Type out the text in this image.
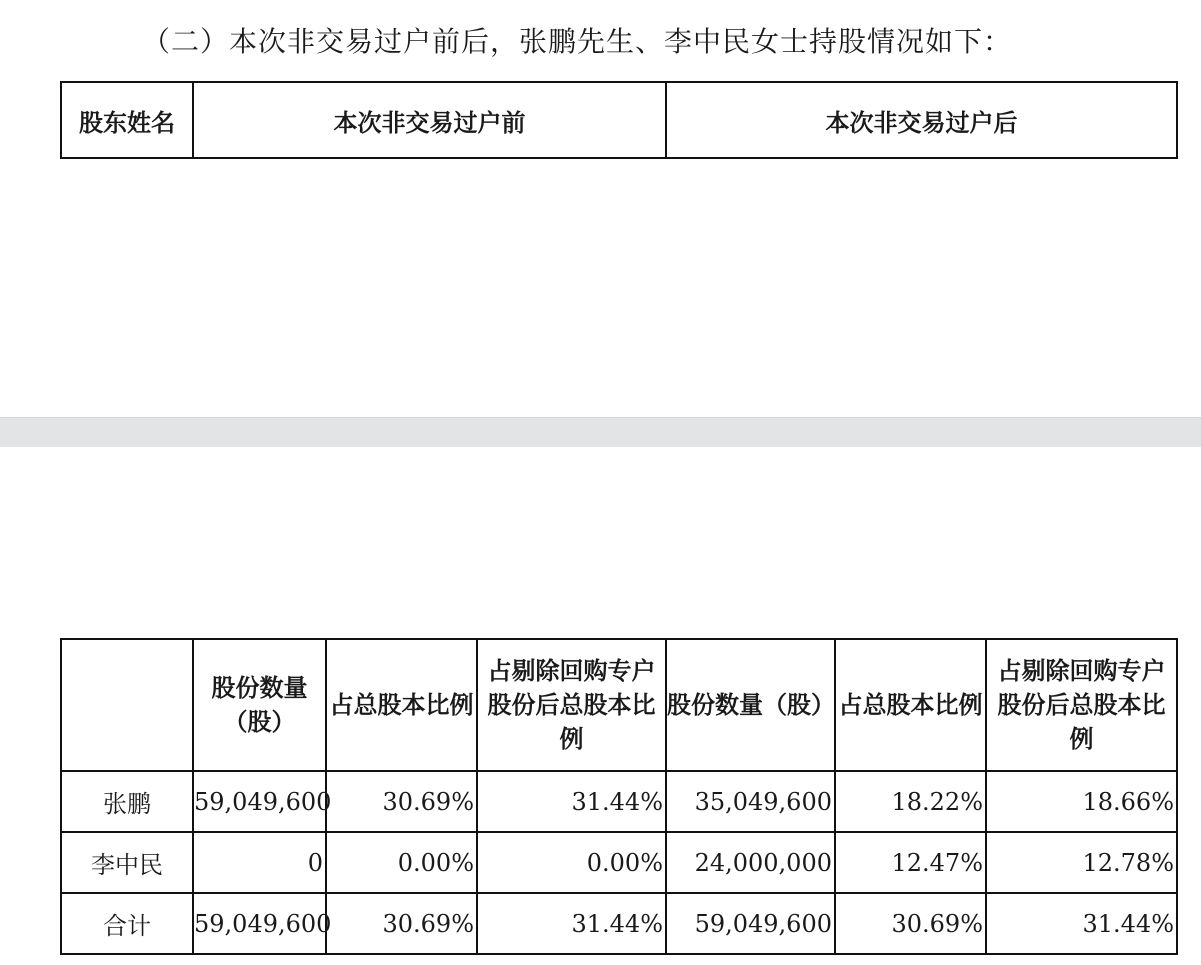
（二）本次非交易过户前后，张鹏先生、李中民女士持股情况如下：
股东姓名	本次非交易过户前	本次非交易过户后
	股份数量（股）	占总股本比例	占剔除回购专户股份后总股本比例	股份数量（股）	占总股本比例	占剔除回购专户股份后总股本比例
张鹏	59,049,600	30.69%	31.44%	35,049,600	18.22%	18.66%
李中民	0	0.00%	0.00%	24,000,000	12.47%	12.78%
合计	59,049,600	30.69%	31.44%	59,049,600	30.69%	31.44%
